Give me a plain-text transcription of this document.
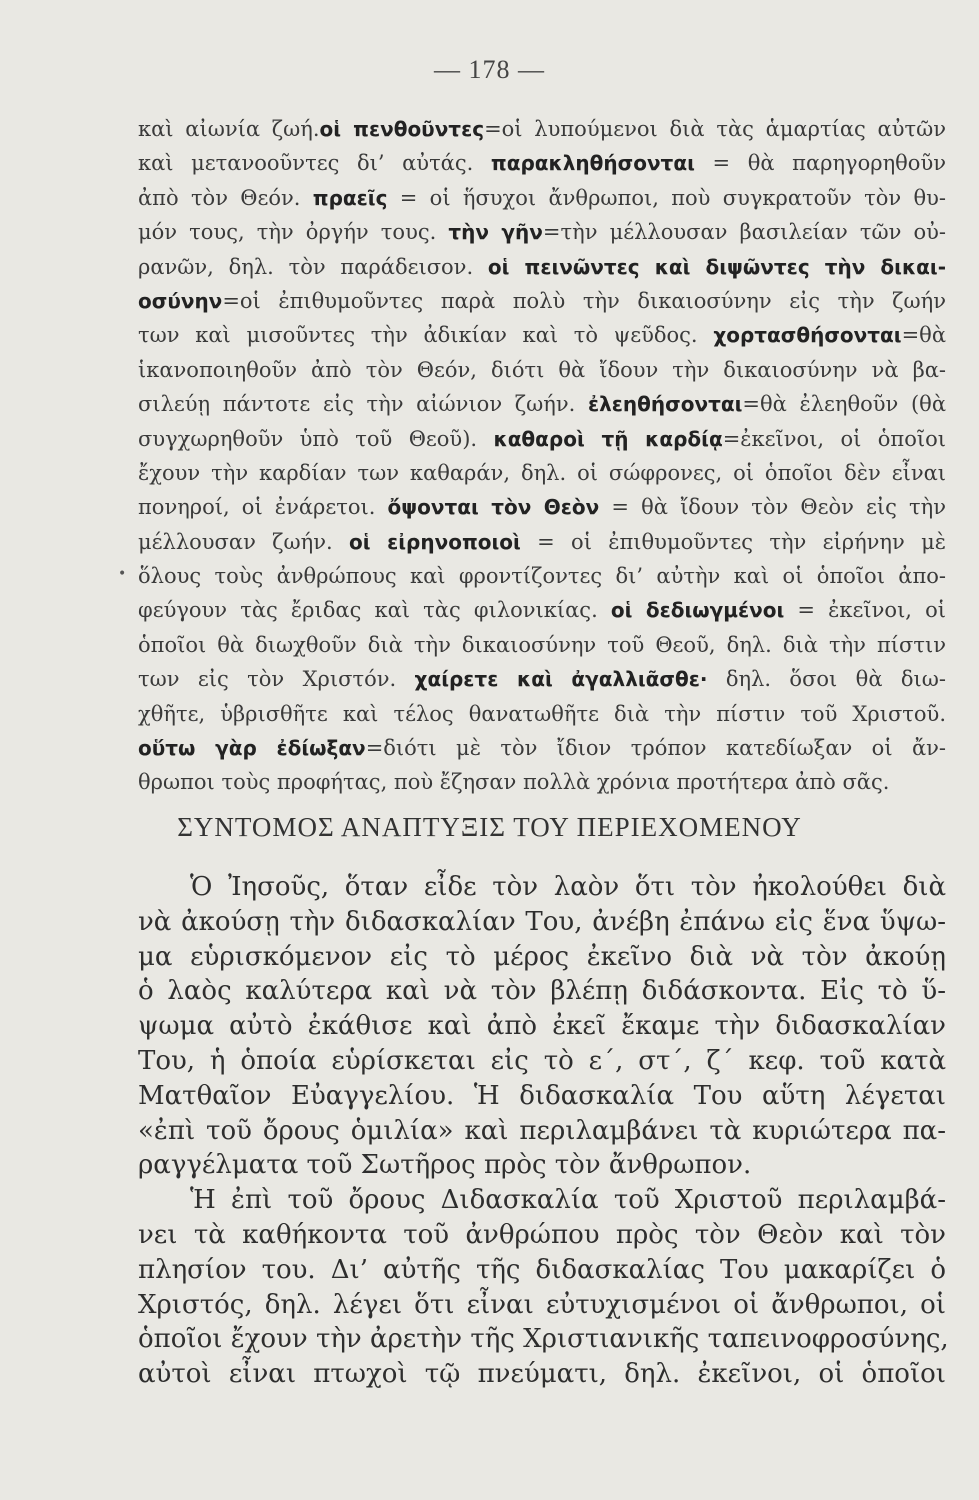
— 178 —
καὶ αἰωνία ζωή.οἱ πενθοῦντες=οἱ λυπούμενοι διὰ τὰς ἁμαρτίας αὐτῶν
καὶ μετανοοῦντες δι’ αὐτάς. παρακληθήσονται = θὰ παρηγορηθοῦν
ἀπὸ τὸν Θεόν. πραεῖς = οἱ ἥσυχοι ἄνθρωποι, ποὺ συγκρατοῦν τὸν θυ-
μόν τους, τὴν ὀργήν τους. τὴν γῆν=τὴν μέλλουσαν βασιλείαν τῶν οὐ-
ρανῶν, δηλ. τὸν παράδεισον. οἱ πεινῶντες καὶ διψῶντες τὴν δικαι-
οσύνην=οἱ ἐπιθυμοῦντες παρὰ πολὺ τὴν δικαιοσύνην εἰς τὴν ζωήν
των καὶ μισοῦντες τὴν ἀδικίαν καὶ τὸ ψεῦδος. χορτασθήσονται=θὰ
ἱκανοποιηθοῦν ἀπὸ τὸν Θεόν, διότι θὰ ἴδουν τὴν δικαιοσύνην νὰ βα-
σιλεύῃ πάντοτε εἰς τὴν αἰώνιον ζωήν. ἐλεηθήσονται=θὰ ἐλεηθοῦν (θὰ
συγχωρηθοῦν ὑπὸ τοῦ Θεοῦ). καθαροὶ τῇ καρδίᾳ=ἐκεῖνοι, οἱ ὁποῖοι
ἔχουν τὴν καρδίαν των καθαράν, δηλ. οἱ σώφρονες, οἱ ὁποῖοι δὲν εἶναι
πονηροί, οἱ ἐνάρετοι. ὄψονται τὸν Θεὸν = θὰ ἴδουν τὸν Θεὸν εἰς τὴν
μέλλουσαν ζωήν. οἱ εἰρηνοποιοὶ = οἱ ἐπιθυμοῦντες τὴν εἰρήνην μὲ
ὅλους τοὺς ἀνθρώπους καὶ φροντίζοντες δι’ αὐτὴν καὶ οἱ ὁποῖοι ἀπο-
φεύγουν τὰς ἔριδας καὶ τὰς φιλονικίας. οἱ δεδιωγμένοι = ἐκεῖνοι, οἱ
ὁποῖοι θὰ διωχθοῦν διὰ τὴν δικαιοσύνην τοῦ Θεοῦ, δηλ. διὰ τὴν πίστιν
των εἰς τὸν Χριστόν. χαίρετε καὶ ἀγαλλιᾶσθε· δηλ. ὅσοι θὰ διω-
χθῆτε, ὑβρισθῆτε καὶ τέλος θανατωθῆτε διὰ τὴν πίστιν τοῦ Χριστοῦ.
οὕτω γὰρ ἐδίωξαν=διότι μὲ τὸν ἴδιον τρόπον κατεδίωξαν οἱ ἄν-
θρωποι τοὺς προφήτας, ποὺ ἔζησαν πολλὰ χρόνια προτήτερα ἀπὸ σᾶς.
•
ΣΥΝΤΟΜΟΣ ΑΝΑΠΤΥΞΙΣ ΤΟΥ ΠΕΡΙΕΧΟΜΕΝΟΥ
Ὁ Ἰησοῦς, ὅταν εἶδε τὸν λαὸν ὅτι τὸν ἠκολούθει διὰ
νὰ ἀκούσῃ τὴν διδασκαλίαν Του, ἀνέβη ἐπάνω εἰς ἕνα ὕψω-
μα εὑρισκόμενον εἰς τὸ μέρος ἐκεῖνο διὰ νὰ τὸν ἀκούῃ
ὁ λαὸς καλύτερα καὶ νὰ τὸν βλέπῃ διδάσκοντα. Εἰς τὸ ὕ-
ψωμα αὐτὸ ἐκάθισε καὶ ἀπὸ ἐκεῖ ἔκαμε τὴν διδασκαλίαν
Του, ἡ ὁποία εὑρίσκεται εἰς τὸ ε΄, στ΄, ζ΄ κεφ. τοῦ κατὰ
Ματθαῖον Εὐαγγελίου. Ἡ διδασκαλία Του αὕτη λέγεται
«ἐπὶ τοῦ ὄρους ὁμιλία» καὶ περιλαμβάνει τὰ κυριώτερα πα-
ραγγέλματα τοῦ Σωτῆρος πρὸς τὸν ἄνθρωπον.
Ἡ ἐπὶ τοῦ ὄρους Διδασκαλία τοῦ Χριστοῦ περιλαμβά-
νει τὰ καθήκοντα τοῦ ἀνθρώπου πρὸς τὸν Θεὸν καὶ τὸν
πλησίον του. Δι’ αὐτῆς τῆς διδασκαλίας Του μακαρίζει ὁ
Χριστός, δηλ. λέγει ὅτι εἶναι εὐτυχισμένοι οἱ ἄνθρωποι, οἱ
ὁποῖοι ἔχουν τὴν ἀρετὴν τῆς Χριστιανικῆς ταπεινοφροσύνης,
αὐτοὶ εἶναι πτωχοὶ τῷ πνεύματι, δηλ. ἐκεῖνοι, οἱ ὁποῖοι
